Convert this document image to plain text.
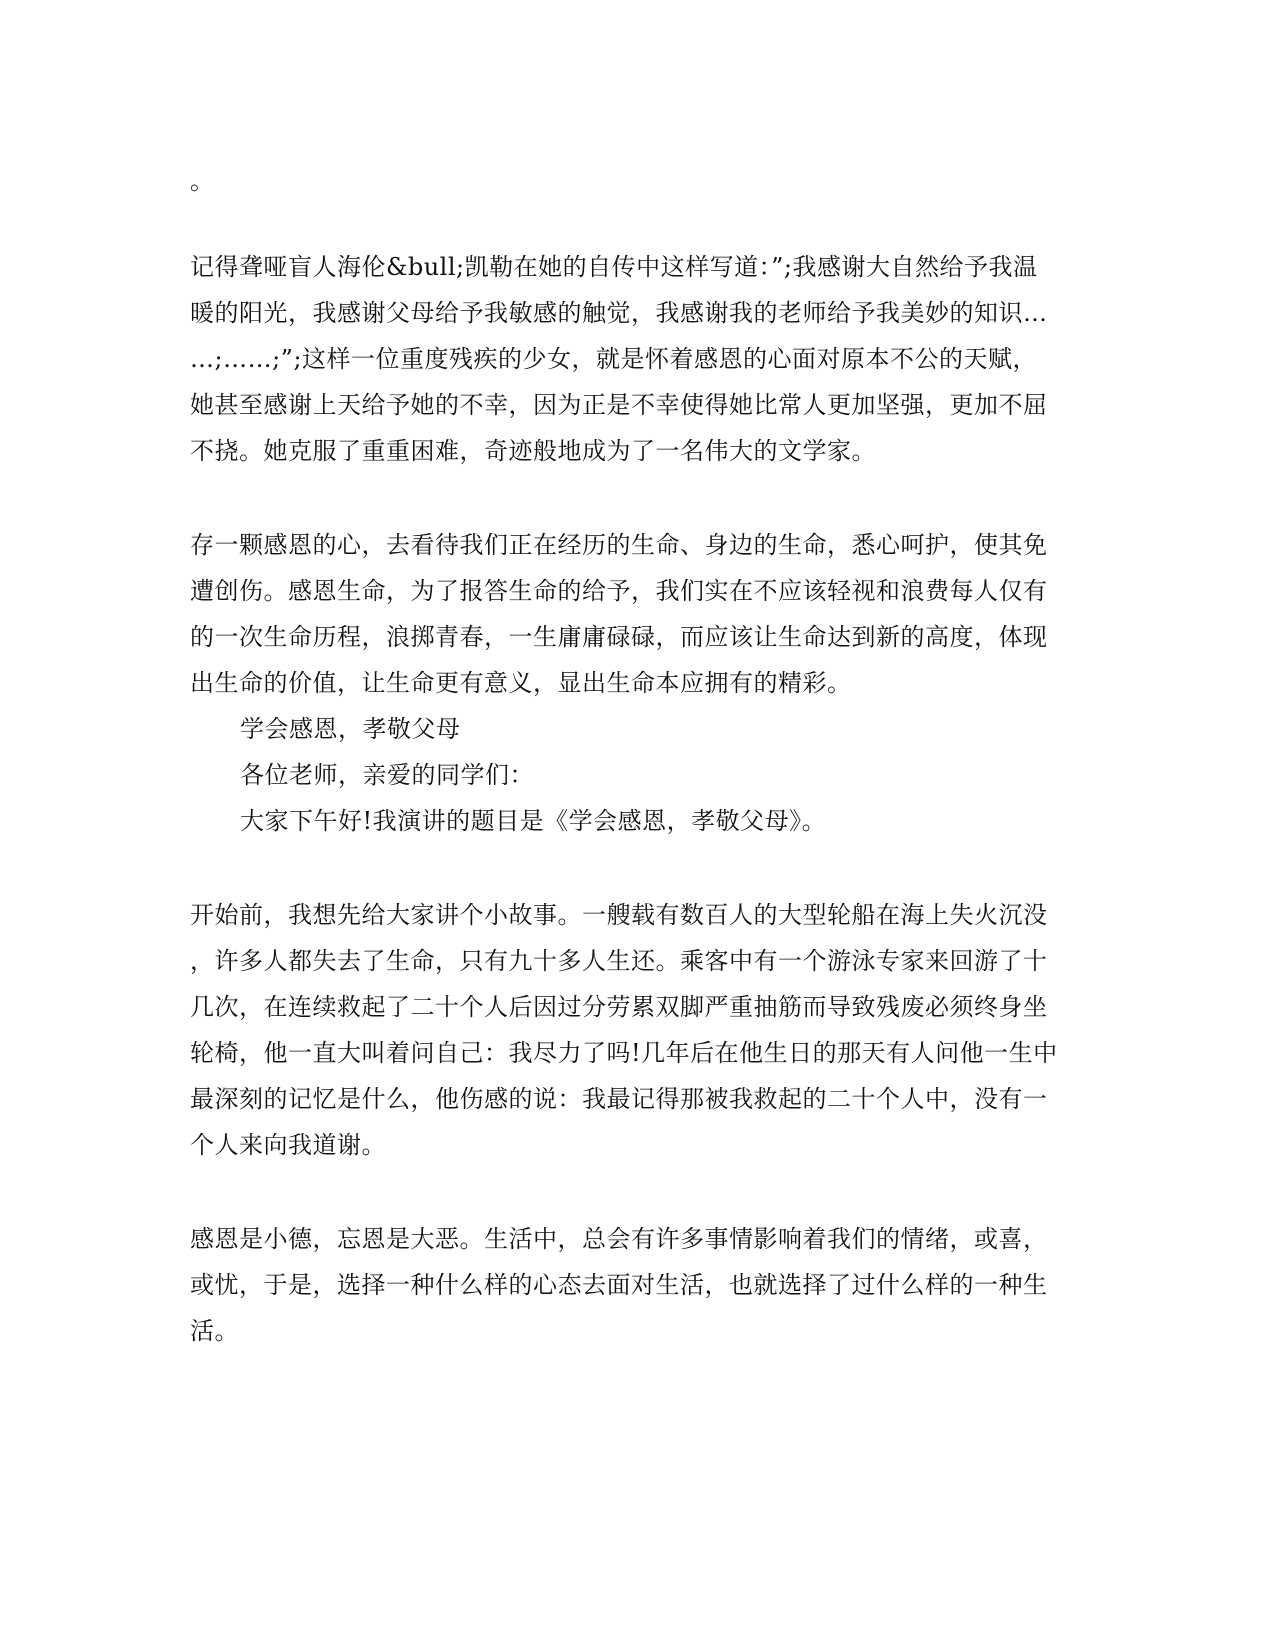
。
记得聋哑盲人海伦&bull;凯勒在她的自传中这样写道：”;我感谢大自然给予我温
暖的阳光，我感谢父母给予我敏感的触觉，我感谢我的老师给予我美妙的知识…
…;……;”;这样一位重度残疾的少女，就是怀着感恩的心面对原本不公的天赋，
她甚至感谢上天给予她的不幸，因为正是不幸使得她比常人更加坚强，更加不屈
不挠。她克服了重重困难，奇迹般地成为了一名伟大的文学家。
存一颗感恩的心，去看待我们正在经历的生命、身边的生命，悉心呵护，使其免
遭创伤。感恩生命，为了报答生命的给予，我们实在不应该轻视和浪费每人仅有
的一次生命历程，浪掷青春，一生庸庸碌碌，而应该让生命达到新的高度，体现
出生命的价值，让生命更有意义，显出生命本应拥有的精彩。
学会感恩，孝敬父母
各位老师，亲爱的同学们：
大家下午好!我演讲的题目是《学会感恩，孝敬父母》。
开始前，我想先给大家讲个小故事。一艘载有数百人的大型轮船在海上失火沉没
，许多人都失去了生命，只有九十多人生还。乘客中有一个游泳专家来回游了十
几次，在连续救起了二十个人后因过分劳累双脚严重抽筋而导致残废必须终身坐
轮椅，他一直大叫着问自己：我尽力了吗!几年后在他生日的那天有人问他一生中
最深刻的记忆是什么，他伤感的说：我最记得那被我救起的二十个人中，没有一
个人来向我道谢。
感恩是小德，忘恩是大恶。生活中，总会有许多事情影响着我们的情绪，或喜，
或忧，于是，选择一种什么样的心态去面对生活，也就选择了过什么样的一种生
活。
